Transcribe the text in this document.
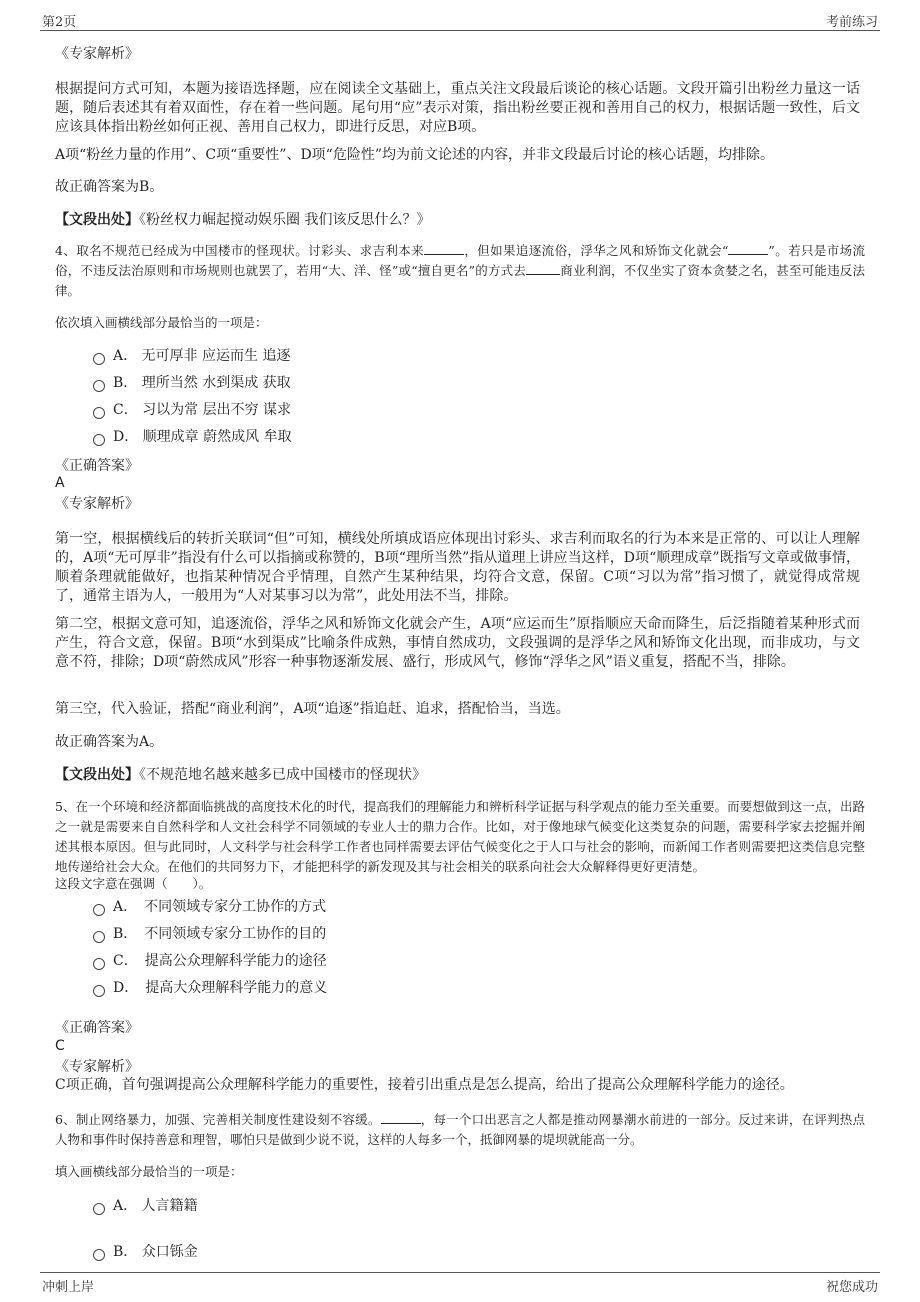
第2页	考前练习
《专家解析》
根据提问方式可知，本题为接语选择题，应在阅读全文基础上，重点关注文段最后谈论的核心话题。文段开篇引出粉丝力量这一话题，随后表述其有着双面性，存在着一些问题。尾句用“应”表示对策，指出粉丝要正视和善用自己的权力，根据话题一致性，后文应该具体指出粉丝如何正视、善用自己权力，即进行反思，对应B项。
A项“粉丝力量的作用”、C项“重要性”、D项“危险性”均为前文论述的内容，并非文段最后讨论的核心话题，均排除。
故正确答案为B。
【文段出处】《粉丝权力崛起搅动娱乐圈 我们该反思什么？》
4、取名不规范已经成为中国楼市的怪现状。讨彩头、求吉利本来	，但如果追逐流俗，浮华之风和矫饰文化就会“	”。若只是市场流俗，不违反法治原则和市场规则也就罢了，若用“大、洋、怪”或“擅自更名”的方式去	商业利润，不仅坐实了资本贪婪之名，甚至可能违反法律。
依次填入画横线部分最恰当的一项是：
A． 无可厚非 应运而生 追逐
B． 理所当然 水到渠成 获取
C． 习以为常 层出不穷 谋求
D． 顺理成章 蔚然成风 牟取
《正确答案》
A
《专家解析》
第一空，根据横线后的转折关联词“但”可知，横线处所填成语应体现出讨彩头、求吉利而取名的行为本来是正常的、可以让人理解的，A项“无可厚非”指没有什么可以指摘或称赞的，B项“理所当然”指从道理上讲应当这样，D项“顺理成章”既指写文章或做事情，顺着条理就能做好，也指某种情况合乎情理，自然产生某种结果，均符合文意，保留。C项“习以为常”指习惯了，就觉得成常规了，通常主语为人，一般用为“人对某事习以为常”，此处用法不当，排除。
第二空，根据文意可知，追逐流俗，浮华之风和矫饰文化就会产生，A项“应运而生”原指顺应天命而降生，后泛指随着某种形式而产生，符合文意，保留。B项“水到渠成”比喻条件成熟，事情自然成功，文段强调的是浮华之风和矫饰文化出现，而非成功，与文意不符，排除；D项“蔚然成风”形容一种事物逐渐发展、盛行，形成风气，修饰“浮华之风”语义重复，搭配不当，排除。
第三空，代入验证，搭配“商业利润”，A项“追逐”指追赶、追求，搭配恰当，当选。
故正确答案为A。
【文段出处】《不规范地名越来越多已成中国楼市的怪现状》
5、在一个环境和经济都面临挑战的高度技术化的时代，提高我们的理解能力和辨析科学证据与科学观点的能力至关重要。而要想做到这一点，出路之一就是需要来自自然科学和人文社会科学不同领域的专业人士的鼎力合作。比如，对于像地球气候变化这类复杂的问题，需要科学家去挖掘并阐述其根本原因。但与此同时，人文科学与社会科学工作者也同样需要去评估气候变化之于人口与社会的影响，而新闻工作者则需要把这类信息完整地传递给社会大众。在他们的共同努力下，才能把科学的新发现及其与社会相关的联系向社会大众解释得更好更清楚。
这段文字意在强调（　　）。
A．　不同领域专家分工协作的方式
B．　不同领域专家分工协作的目的
C．　提高公众理解科学能力的途径
D．　提高大众理解科学能力的意义
《正确答案》
C
《专家解析》
C项正确，首句强调提高公众理解科学能力的重要性，接着引出重点是怎么提高，给出了提高公众理解科学能力的途径。
6、制止网络暴力，加强、完善相关制度性建设刻不容缓。	，每一个口出恶言之人都是推动网暴潮水前进的一部分。反过来讲，在评判热点人物和事件时保持善意和理智，哪怕只是做到少说不说，这样的人每多一个，抵御网暴的堤坝就能高一分。
填入画横线部分最恰当的一项是：
A． 人言籍籍
B． 众口铄金
冲刺上岸	祝您成功
